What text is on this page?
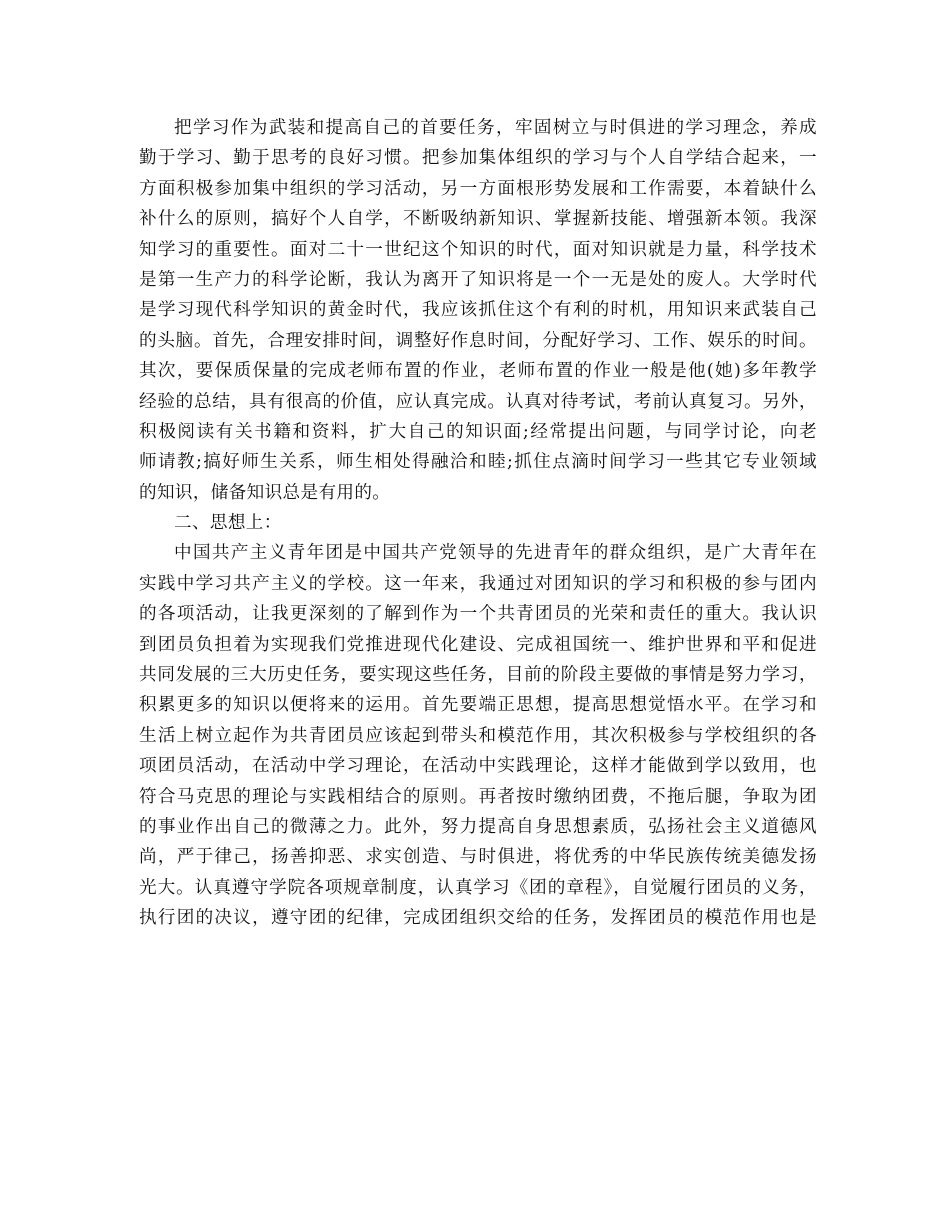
把学习作为武装和提高自己的首要任务，牢固树立与时俱进的学习理念，养成
勤于学习、勤于思考的良好习惯。把参加集体组织的学习与个人自学结合起来，一
方面积极参加集中组织的学习活动，另一方面根形势发展和工作需要，本着缺什么
补什么的原则，搞好个人自学，不断吸纳新知识、掌握新技能、增强新本领。我深
知学习的重要性。面对二十一世纪这个知识的时代，面对知识就是力量，科学技术
是第一生产力的科学论断，我认为离开了知识将是一个一无是处的废人。大学时代
是学习现代科学知识的黄金时代，我应该抓住这个有利的时机，用知识来武装自己
的头脑。首先，合理安排时间，调整好作息时间，分配好学习、工作、娱乐的时间。
其次，要保质保量的完成老师布置的作业，老师布置的作业一般是他(她)多年教学
经验的总结，具有很高的价值，应认真完成。认真对待考试，考前认真复习。另外，
积极阅读有关书籍和资料，扩大自己的知识面;经常提出问题，与同学讨论，向老
师请教;搞好师生关系，师生相处得融洽和睦;抓住点滴时间学习一些其它专业领域
的知识，储备知识总是有用的。
二、思想上：
中国共产主义青年团是中国共产党领导的先进青年的群众组织，是广大青年在
实践中学习共产主义的学校。这一年来，我通过对团知识的学习和积极的参与团内
的各项活动，让我更深刻的了解到作为一个共青团员的光荣和责任的重大。我认识
到团员负担着为实现我们党推进现代化建设、完成祖国统一、维护世界和平和促进
共同发展的三大历史任务，要实现这些任务，目前的阶段主要做的事情是努力学习，
积累更多的知识以便将来的运用。首先要端正思想，提高思想觉悟水平。在学习和
生活上树立起作为共青团员应该起到带头和模范作用，其次积极参与学校组织的各
项团员活动，在活动中学习理论，在活动中实践理论，这样才能做到学以致用，也
符合马克思的理论与实践相结合的原则。再者按时缴纳团费，不拖后腿，争取为团
的事业作出自己的微薄之力。此外，努力提高自身思想素质，弘扬社会主义道德风
尚，严于律己，扬善抑恶、求实创造、与时俱进，将优秀的中华民族传统美德发扬
光大。认真遵守学院各项规章制度，认真学习《团的章程》，自觉履行团员的义务，
执行团的决议，遵守团的纪律，完成团组织交给的任务，发挥团员的模范作用也是
